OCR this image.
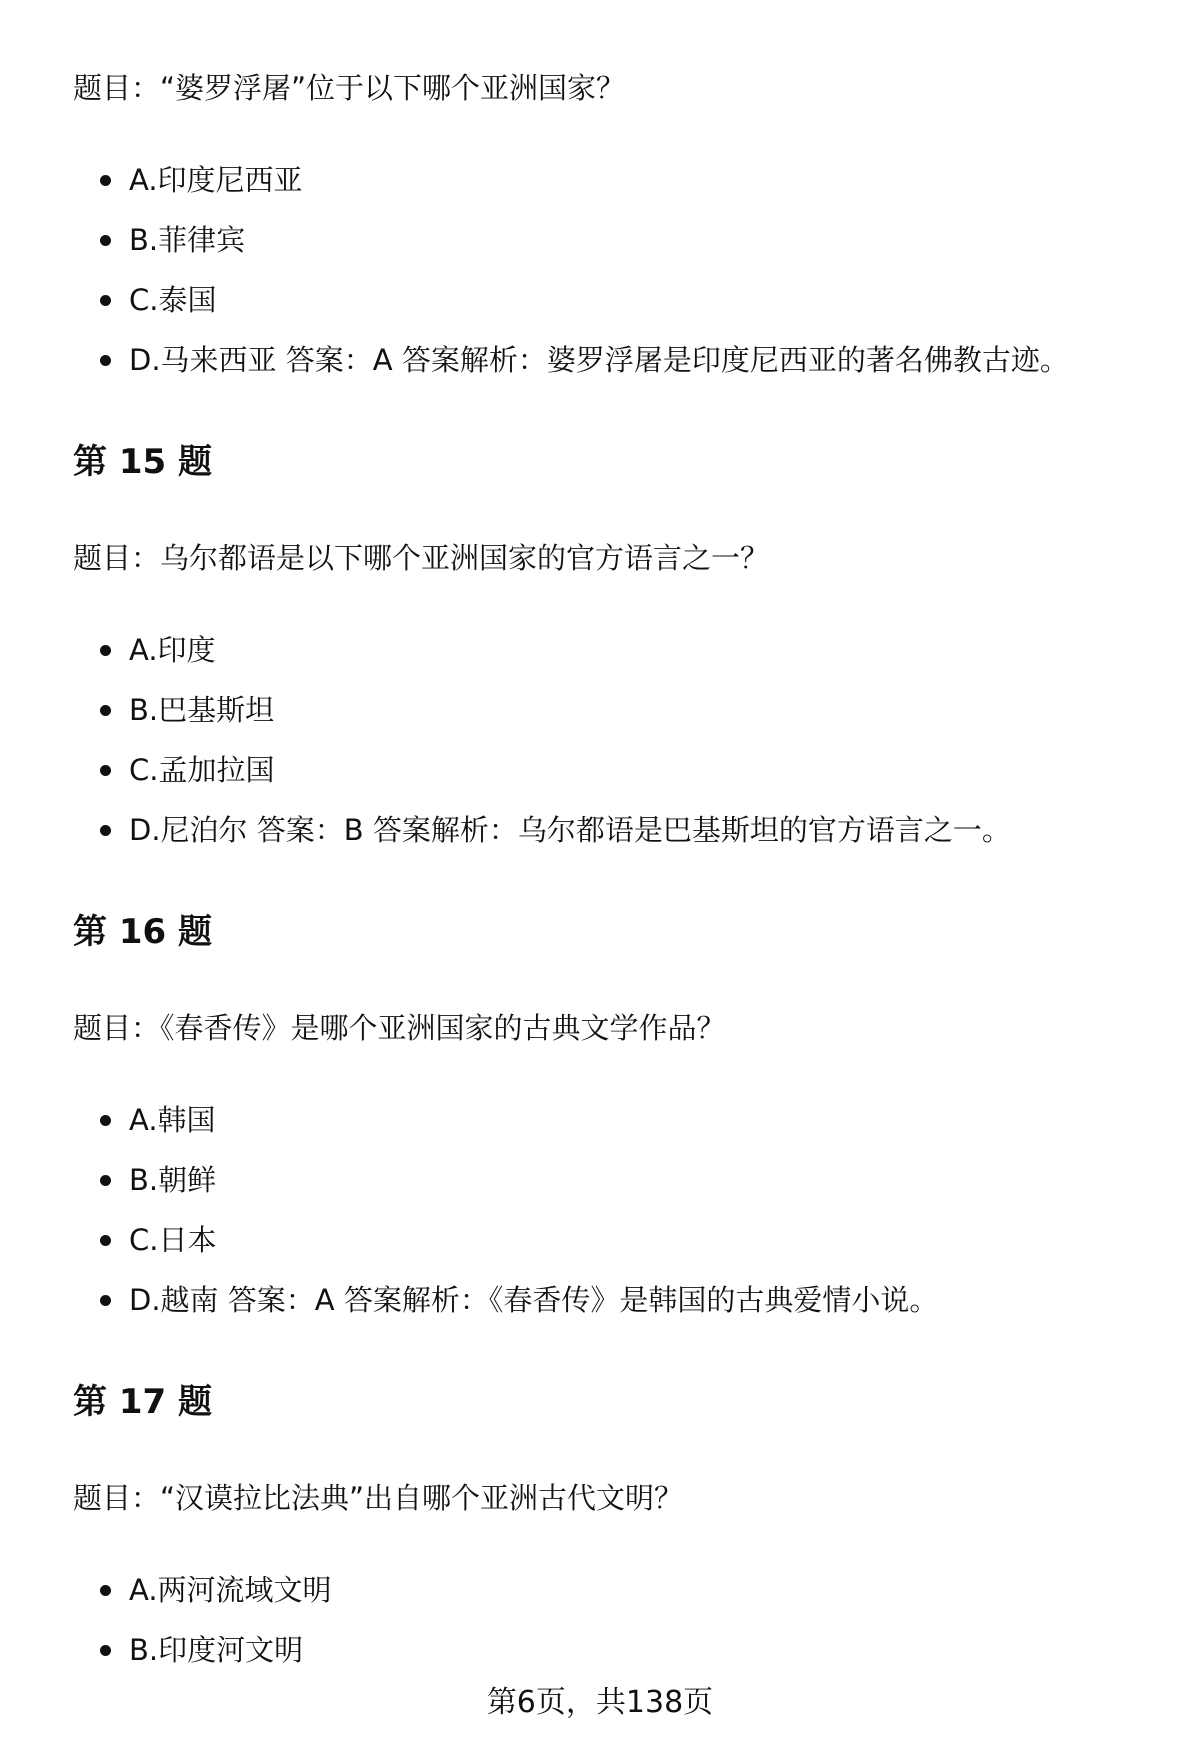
题目：“婆罗浮屠”位于以下哪个亚洲国家？

A.印度尼西亚
B.菲律宾
C.泰国
D.马来西亚 答案：A 答案解析：婆罗浮屠是印度尼西亚的著名佛教古迹。
第 15 题

题目：乌尔都语是以下哪个亚洲国家的官方语言之一？

A.印度
B.巴基斯坦
C.孟加拉国
D.尼泊尔 答案：B 答案解析：乌尔都语是巴基斯坦的官方语言之一。
第 16 题

题目：《春香传》是哪个亚洲国家的古典文学作品？

A.韩国
B.朝鲜
C.日本
D.越南 答案：A 答案解析：《春香传》是韩国的古典爱情小说。
第 17 题

题目：“汉谟拉比法典”出自哪个亚洲古代文明？

A.两河流域文明
B.印度河文明
第6页，共138页
